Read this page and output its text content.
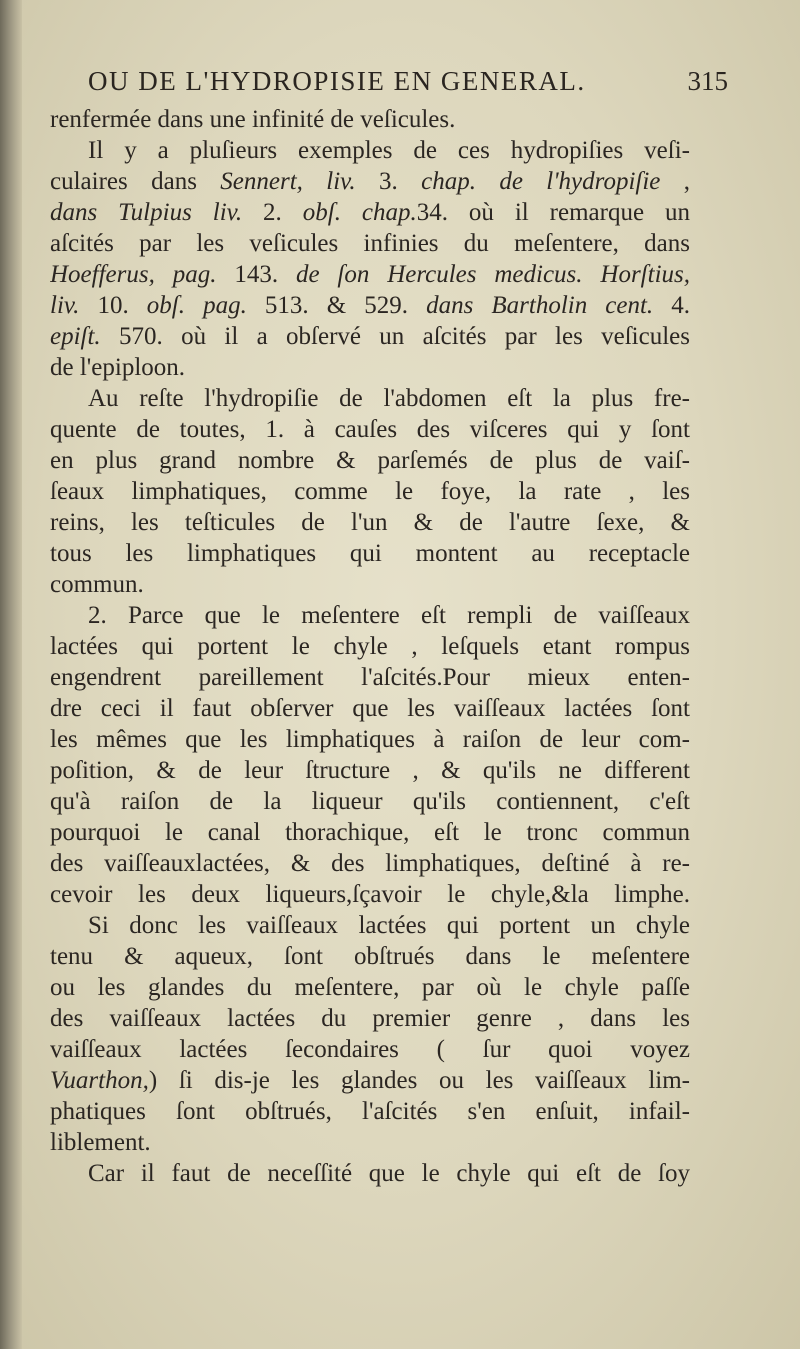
OU DE L'HYDROPISIE EN GENERAL.	315
renfermée dans une infinité de veſicules.
Il y a pluſieurs exemples de ces hydropiſies veſi-
culaires dans Sennert, liv. 3. chap. de l'hydropiſie ,
dans Tulpius liv. 2. obſ. chap.34. où il remarque un
aſcités par les veſicules infinies du meſentere, dans
Hoefferus, pag. 143. de ſon Hercules medicus. Horſtius,
liv. 10. obſ. pag. 513. & 529. dans Bartholin cent. 4.
epiſt. 570. où il a obſervé un aſcités par les veſicules
de l'epiploon.
Au reſte l'hydropiſie de l'abdomen eſt la plus fre-
quente de toutes, 1. à cauſes des viſceres qui y ſont
en plus grand nombre & parſemés de plus de vaiſ-
ſeaux limphatiques, comme le foye, la rate , les
reins, les teſticules de l'un & de l'autre ſexe, &
tous les limphatiques qui montent au receptacle
commun.
2. Parce que le meſentere eſt rempli de vaiſſeaux
lactées qui portent le chyle , leſquels etant rompus
engendrent pareillement l'aſcités.Pour mieux enten-
dre ceci il faut obſerver que les vaiſſeaux lactées ſont
les mêmes que les limphatiques à raiſon de leur com-
poſition, & de leur ſtructure , & qu'ils ne different
qu'à raiſon de la liqueur qu'ils contiennent, c'eſt
pourquoi le canal thorachique, eſt le tronc commun
des vaiſſeauxlactées, & des limphatiques, deſtiné à re-
cevoir les deux liqueurs,ſçavoir le chyle,&la limphe.
Si donc les vaiſſeaux lactées qui portent un chyle
tenu & aqueux, ſont obſtrués dans le meſentere
ou les glandes du meſentere, par où le chyle paſſe
des vaiſſeaux lactées du premier genre , dans les
vaiſſeaux lactées ſecondaires ( ſur quoi voyez
Vuarthon,) ſi dis-je les glandes ou les vaiſſeaux lim-
phatiques ſont obſtrués, l'aſcités s'en enſuit, infail-
liblement.
Car il faut de neceſſité que le chyle qui eſt de ſoy
